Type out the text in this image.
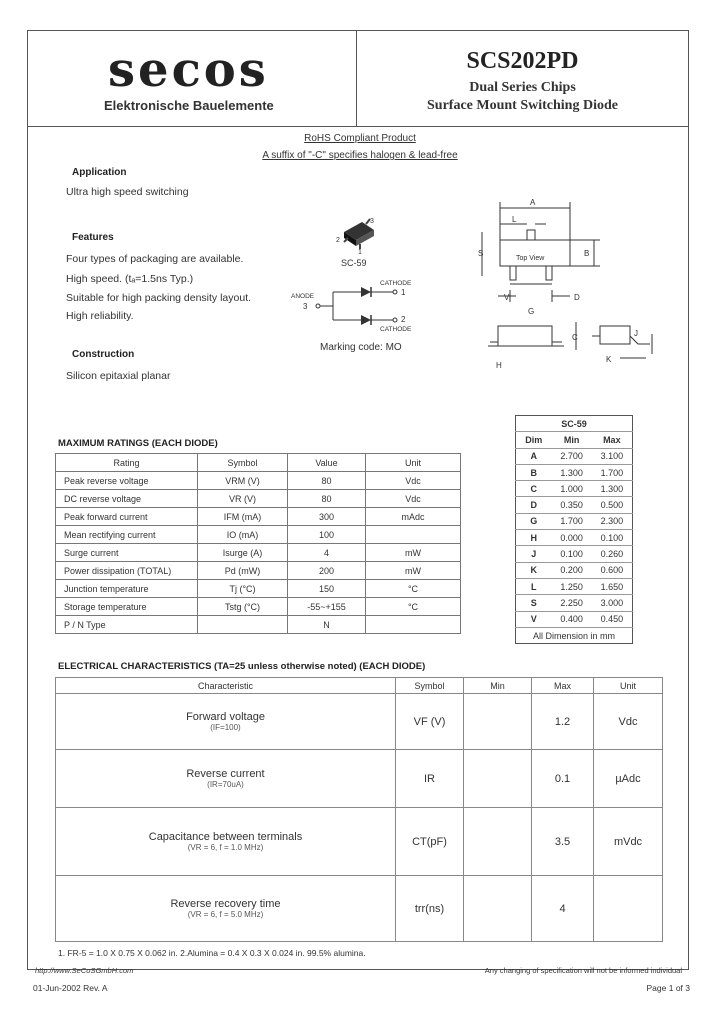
secos
Elektronische Bauelemente
SCS202PD
Dual Series Chips
Surface Mount Switching Diode
RoHS Compliant Product
A suffix of "-C" specifies halogen & lead-free
Application
Ultra high speed switching
Features
Four types of packaging are available.
High speed. (tₐ=1.5ns Typ.)
Suitable for high packing density layout.
High reliability.
Construction
Silicon epitaxial planar
3
2
1
SC-59
ANODE
3
CATHODE
1
2
CATHODE
Marking code: MO
A
L
S	B
V
G
D
C	J
H
K
Top View
SC-59		
Dim	Min	Max
A	2.700	3.100
B	1.300	1.700
C	1.000	1.300
D	0.350	0.500
G	1.700	2.300
H	0.000	0.100
J	0.100	0.260
K	0.200	0.600
L	1.250	1.650
S	2.250	3.000
V	0.400	0.450
All Dimension in mm		
MAXIMUM RATINGS (EACH DIODE)
Rating	Symbol	Value	Unit
Peak reverse voltage	VRM (V)	80	Vdc
DC reverse voltage	VR (V)	80	Vdc
Peak forward current	IFM (mA)	300	mAdc
Mean rectifying current	IO (mA)	100	
Surge current	Isurge (A)	4	mW
Power dissipation (TOTAL)	Pd (mW)	200	mW
Junction temperature	Tj (°C)	150	°C
Storage temperature	Tstg (°C)	-55~+155	°C
P / N Type		N	
ELECTRICAL CHARACTERISTICS (TA=25 unless otherwise noted) (EACH DIODE)
Characteristic	Symbol	Min	Max	Unit

Forward voltage
(IF=100)	VF (V)		1.2	Vdc

Reverse current
(IR=70uA)	IR		0.1	µAdc

Capacitance between terminals
(VR = 6, f = 1.0 MHz)	CT(pF)		3.5	mVdc

Reverse recovery time
(VR = 6, f = 5.0 MHz)	trr(ns)		4	
1. FR-5 = 1.0 X 0.75 X 0.062 in. 2.Alumina = 0.4 X 0.3 X 0.024 in. 99.5% alumina.
http://www.SeCoSGmbH.com	Any changing of specification will not be informed individual
01-Jun-2002 Rev. A	Page 1 of 3
